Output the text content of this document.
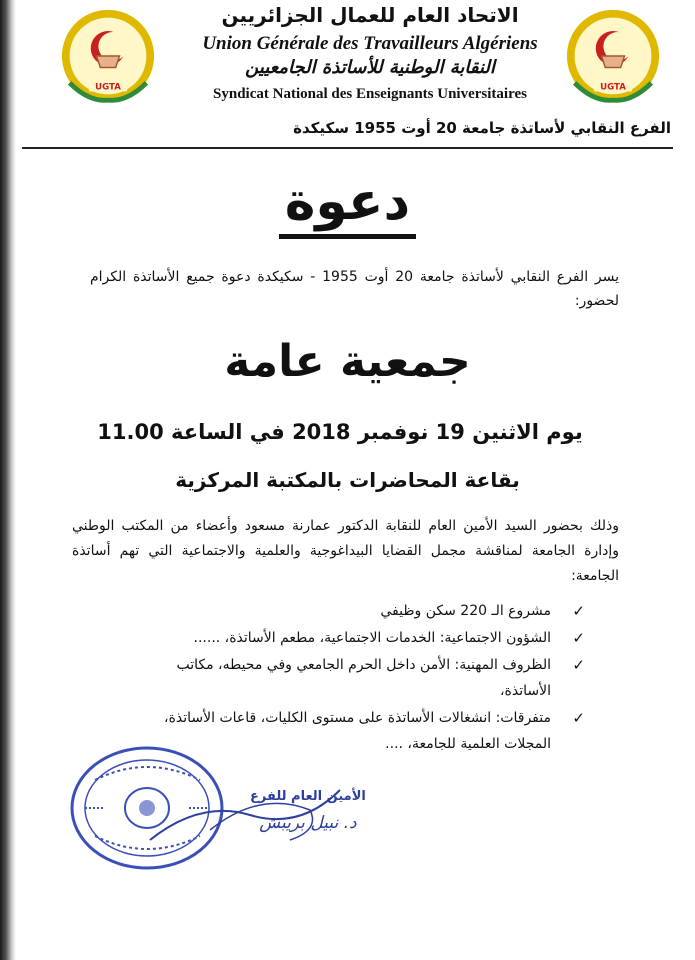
UGTA	UGTA
الاتحاد العام للعمال الجزائريين
Union Générale des Travailleurs Algériens
النقابة الوطنية للأساتذة الجامعيين
Syndicat National des Enseignants Universitaires
الفرع النقابي لأساتذة جامعة 20 أوت 1955 سكيكدة
دعوة
يسر الفرع النقابي لأساتذة جامعة 20 أوت 1955 - سكيكدة دعوة جميع الأساتذة الكرام لحضور:
جمعية عامة
يوم الاثنين 19 نوفمبر 2018 في الساعة 11.00
بقاعة المحاضرات بالمكتبة المركزية
وذلك بحضور السيد الأمين العام للنقابة الدكتور عمارنة مسعود وأعضاء من المكتب الوطني وإدارة الجامعة لمناقشة مجمل القضايا البيداغوجية والعلمية والاجتماعية التي تهم أساتذة الجامعة:
✓
مشروع الـ 220 سكن وظيفي
✓
الشؤون الاجتماعية: الخدمات الاجتماعية، مطعم الأساتذة، ......
✓
الظروف المهنية: الأمن داخل الحرم الجامعي وفي محيطه، مكاتب الأساتذة،
✓
متفرقات: انشغالات الأساتذة على مستوى الكليات، قاعات الأساتذة، المجلات العلمية للجامعة، ....
الأمين العام للفرع
د. نبيل بريبش
